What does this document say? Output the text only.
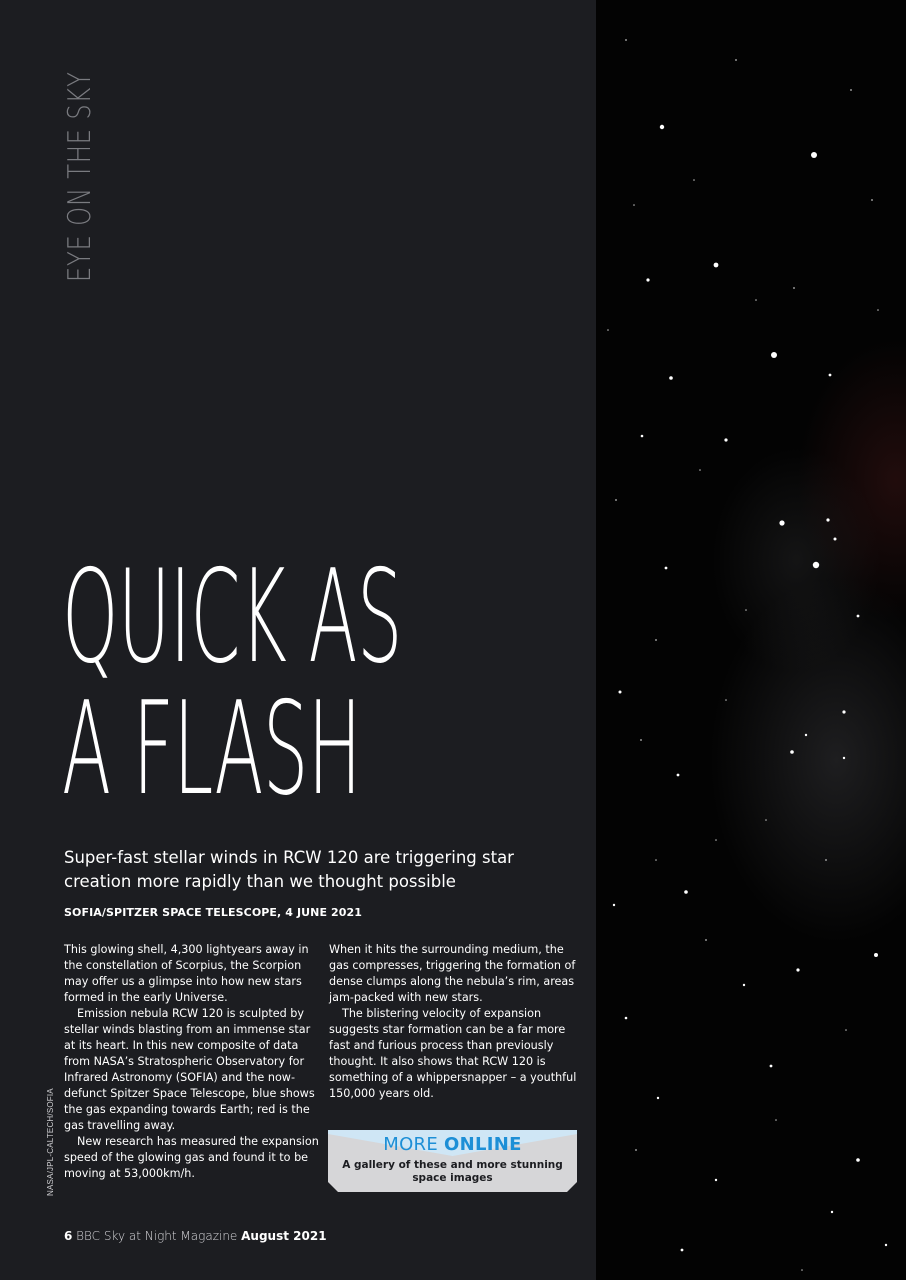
EYE ON THE SKY
QUICK AS
A FLASH
Super-fast stellar winds in RCW 120 are triggering star creation more rapidly than we thought possible
SOFIA/SPITZER SPACE TELESCOPE, 4 JUNE 2021

This glowing shell, 4,300 lightyears away in the constellation of Scorpius, the Scorpion may offer us a glimpse into how new stars formed in the early Universe.

Emission nebula RCW 120 is sculpted by stellar winds blasting from an immense star at its heart. In this new composite of data from NASA’s Stratospheric Observatory for Infrared Astronomy (SOFIA) and the now-defunct Spitzer Space Telescope, blue shows the gas expanding towards Earth; red is the gas travelling away.

New research has measured the expansion speed of the glowing gas and found it to be moving at 53,000km/h.

When it hits the surrounding medium, the gas compresses, triggering the formation of dense clumps along the nebula’s rim, areas jam-packed with new stars.

The blistering velocity of expansion suggests star formation can be a far more fast and furious process than previously thought. It also shows that RCW 120 is something of a whippersnapper – a youthful 150,000 years old.

NASA/JPL-CALTECH/SOFIA	MORE ONLINE
A gallery of these and more stunning space images
6 BBC Sky at Night Magazine August 2021
